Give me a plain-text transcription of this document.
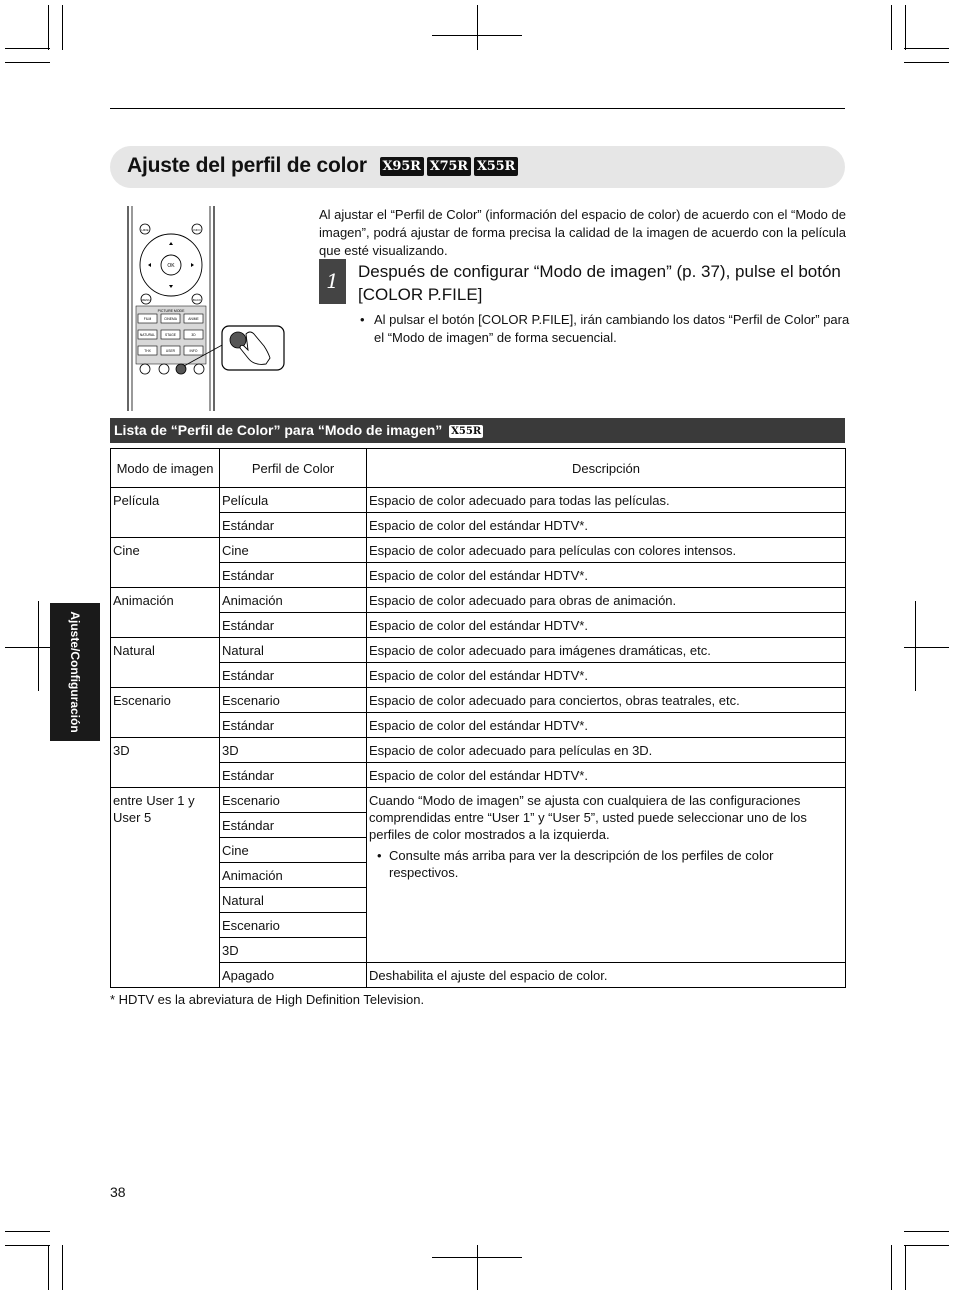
Ajuste del perfil de color X95R X75R X55R
HIDE	INFO
OK
MENU	BACK
PICTURE MODE
FILM	CINEMA	ANIME
NATURAL	STAGE	3D
THX	USER	INFO
Al ajustar el “Perfil de Color” (información del espacio de color) de acuerdo con el “Modo de imagen”, podrá ajustar de forma precisa la calidad de la imagen de acuerdo con la película que esté visualizando.
1	Después de configurar “Modo de imagen” (p. 37), pulse el botón [COLOR P.FILE]
• Al pulsar el botón [COLOR P.FILE], irán cambiando los datos “Perfil de Color” para el “Modo de imagen” de forma secuencial.
Lista de “Perfil de Color” para “Modo de imagen” X55R
Modo de imagen	Perfil de Color	Descripción
Película	Película	Espacio de color adecuado para todas las películas.
	Estándar	Espacio de color del estándar HDTV*.
Cine	Cine	Espacio de color adecuado para películas con colores intensos.
	Estándar	Espacio de color del estándar HDTV*.
Animación	Animación	Espacio de color adecuado para obras de animación.
	Estándar	Espacio de color del estándar HDTV*.
Natural	Natural	Espacio de color adecuado para imágenes dramáticas, etc.
	Estándar	Espacio de color del estándar HDTV*.
Escenario	Escenario	Espacio de color adecuado para conciertos, obras teatrales, etc.
	Estándar	Espacio de color del estándar HDTV*.
3D	3D	Espacio de color adecuado para películas en 3D.
	Estándar	Espacio de color del estándar HDTV*.
entre User 1 y User 5	Escenario	Cuando “Modo de imagen” se ajusta con cualquiera de las configuraciones comprendidas entre “User 1” y “User 5”, usted puede seleccionar uno de los perfiles de color mostrados a la izquierda.
• Consulte más arriba para ver la descripción de los perfiles de color respectivos.

	Estándar	
	Cine	
	Animación	
	Natural	
	Escenario	
	3D	
	Apagado	Deshabilita el ajuste del espacio de color.
* HDTV es la abreviatura de High Definition Television.
Ajuste/Configuración
38
